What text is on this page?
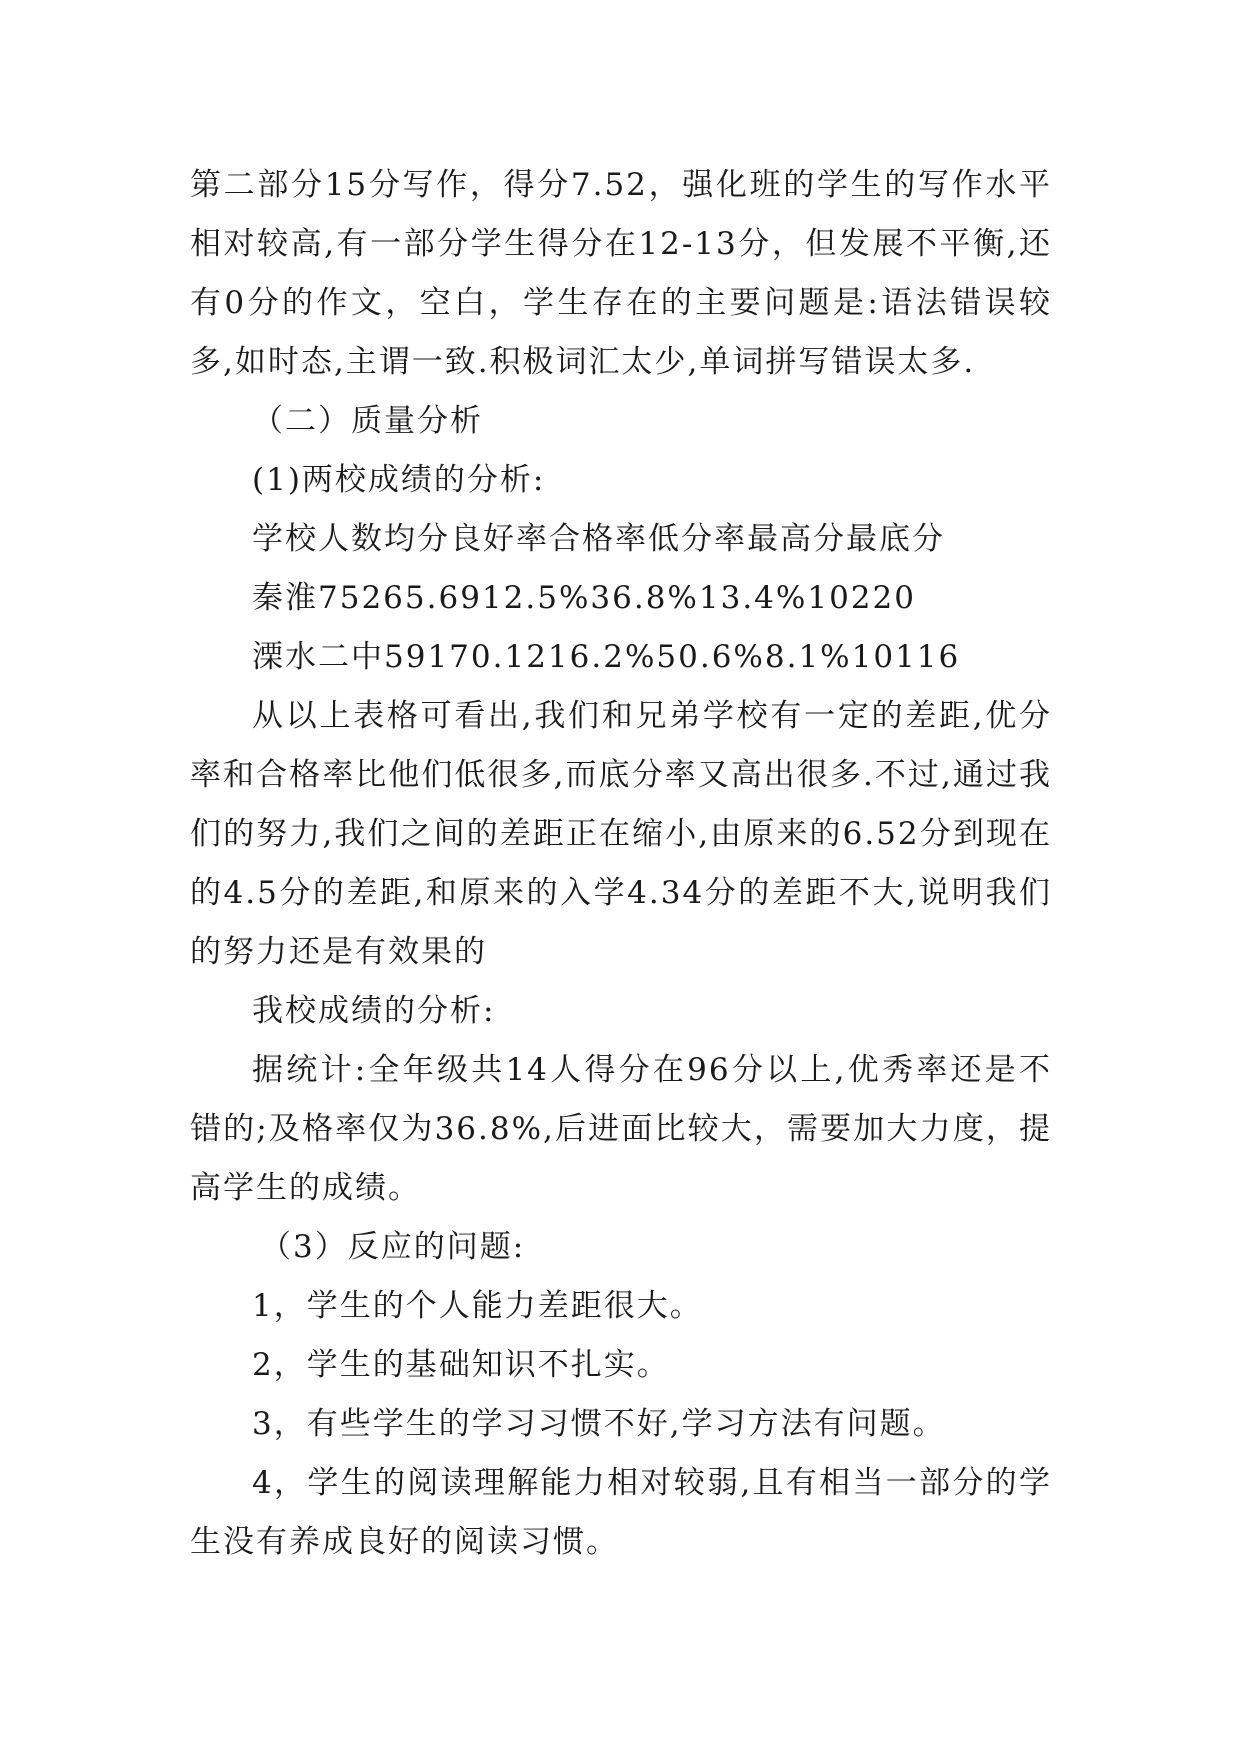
第二部分15分写作，得分7.52，强化班的学生的写作水平相对较高,有一部分学生得分在12-13分，但发展不平衡,还有0分的作文，空白，学生存在的主要问题是:语法错误较多,如时态,主谓一致.积极词汇太少,单词拼写错误太多.

（二）质量分析

(1)两校成绩的分析:

学校人数均分良好率合格率低分率最高分最底分

秦淮75265.6912.5%36.8%13.4%10220

溧水二中59170.1216.2%50.6%8.1%10116

从以上表格可看出,我们和兄弟学校有一定的差距,优分率和合格率比他们低很多,而底分率又高出很多.不过,通过我们的努力,我们之间的差距正在缩小,由原来的6.52分到现在的4.5分的差距,和原来的入学4.34分的差距不大,说明我们的努力还是有效果的

我校成绩的分析:

据统计:全年级共14人得分在96分以上,优秀率还是不错的;及格率仅为36.8%,后进面比较大，需要加大力度，提高学生的成绩。

（3）反应的问题:

1，学生的个人能力差距很大。

2，学生的基础知识不扎实。

3，有些学生的学习习惯不好,学习方法有问题。

4，学生的阅读理解能力相对较弱,且有相当一部分的学生没有养成良好的阅读习惯。
